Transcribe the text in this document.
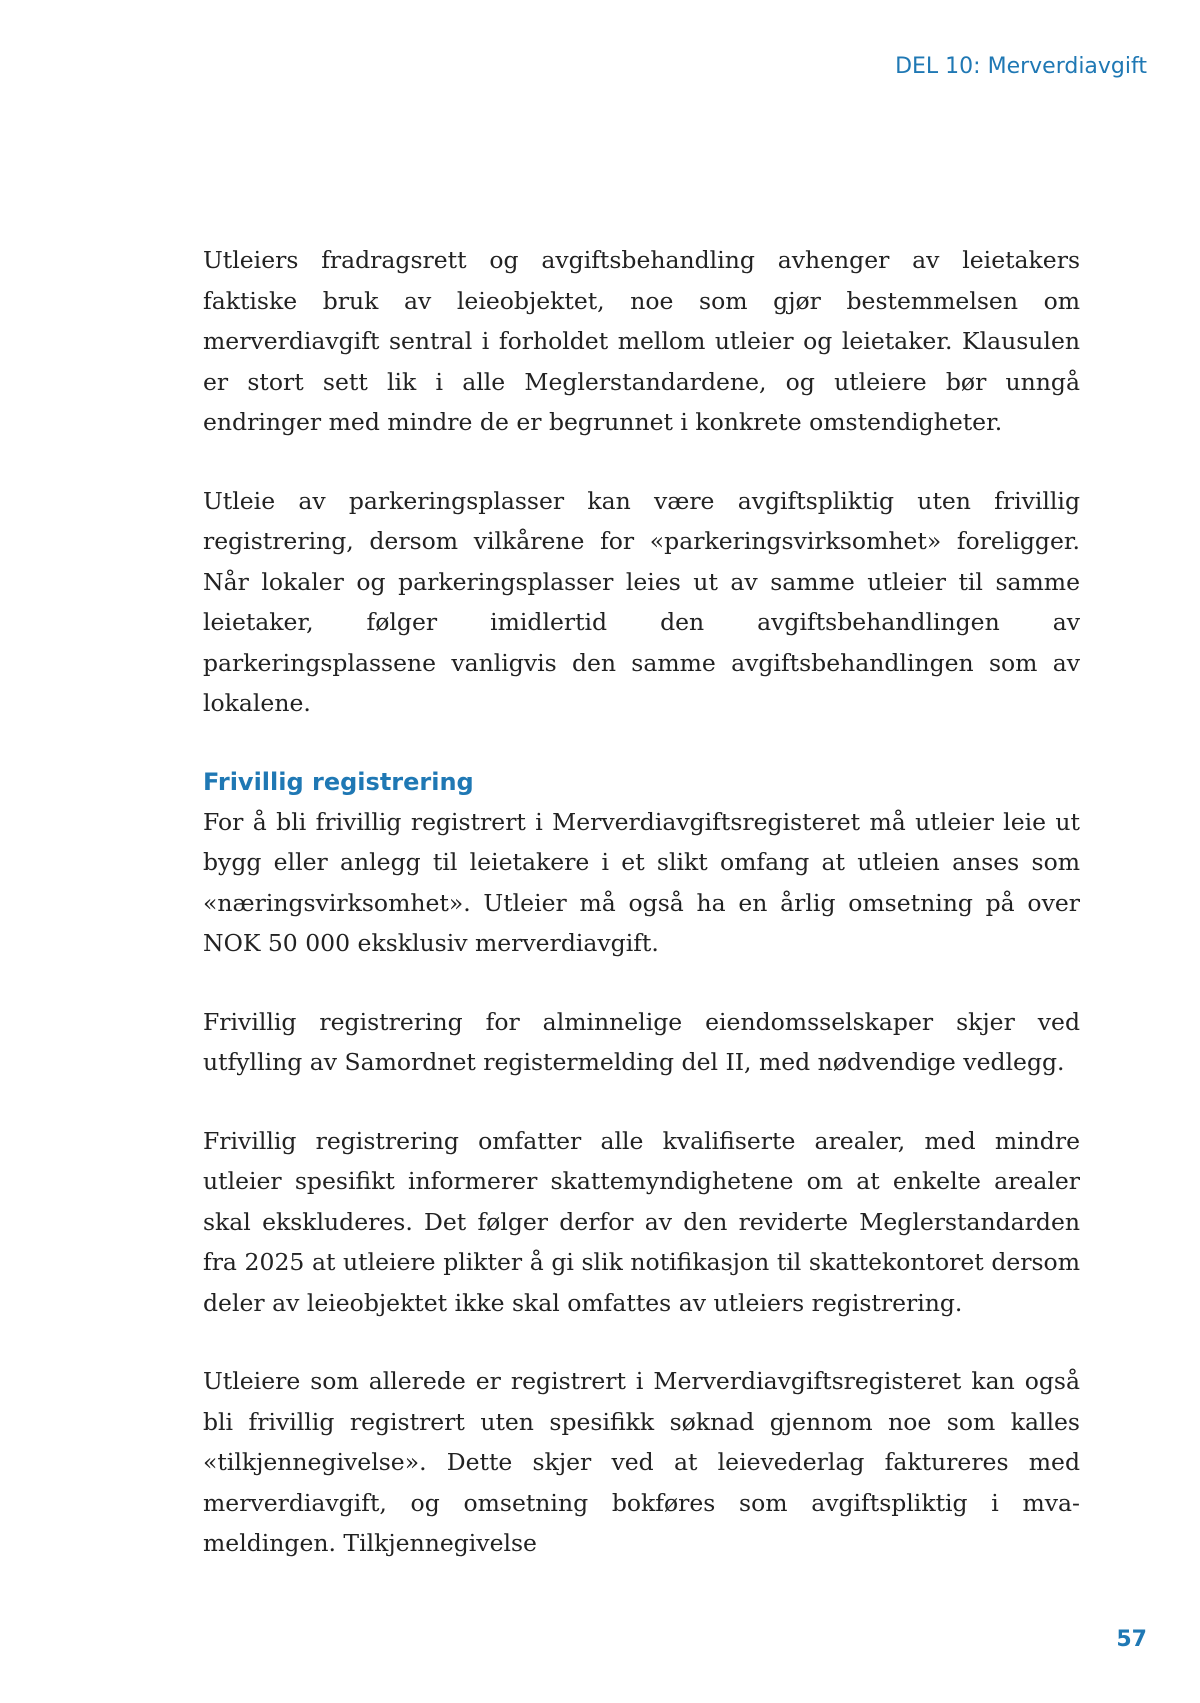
DEL 10: Merverdiavgift

Utleiers fradragsrett og avgiftsbehandling avhenger av leietakers faktiske bruk av leieobjektet, noe som gjør bestemmelsen om merverdiavgift sentral i forholdet mellom utleier og leietaker. Klausulen er stort sett lik i alle Meglerstandardene, og utleiere bør unngå endringer med mindre de er begrunnet i konkrete omstendigheter.

Utleie av parkeringsplasser kan være avgiftspliktig uten frivillig registrering, dersom vilkårene for «parkeringsvirksomhet» foreligger. Når lokaler og parkeringsplasser leies ut av samme utleier til samme leietaker, følger imidlertid den avgiftsbehandlingen av parkeringsplassene vanligvis den samme avgiftsbehandlingen som av lokalene.

Frivillig registrering

For å bli frivillig registrert i Merverdiavgiftsregisteret må utleier leie ut bygg eller anlegg til leietakere i et slikt omfang at utleien anses som «næringsvirksomhet». Utleier må også ha en årlig omsetning på over NOK 50 000 eksklusiv merverdiavgift.

Frivillig registrering for alminnelige eiendomsselskaper skjer ved utfylling av Samordnet registermelding del II, med nødvendige vedlegg.

Frivillig registrering omfatter alle kvalifiserte arealer, med mindre utleier spesifikt informerer skattemyndighetene om at enkelte arealer skal ekskluderes. Det følger derfor av den reviderte Meglerstandarden fra 2025 at utleiere plikter å gi slik notifikasjon til skattekontoret dersom deler av leieobjektet ikke skal omfattes av utleiers registrering.

Utleiere som allerede er registrert i Merverdiavgiftsregisteret kan også bli frivillig registrert uten spesifikk søknad gjennom noe som kalles «tilkjennegivelse». Dette skjer ved at leievederlag faktureres med merverdiavgift, og omsetning bokføres som avgiftspliktig i mva-meldingen. Tilkjennegivelse

57
